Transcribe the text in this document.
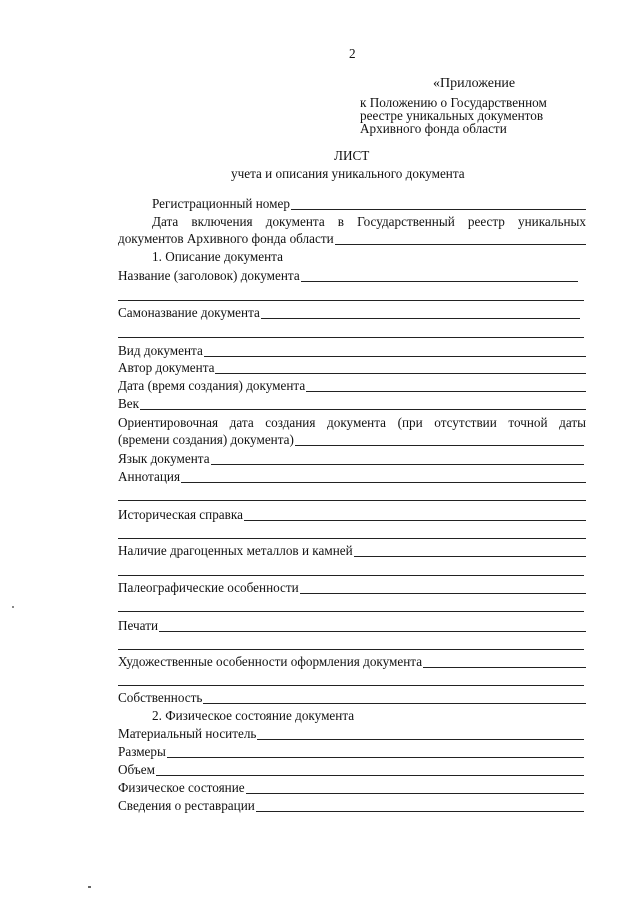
2
«Приложение
к Положению о Государственном
реестре уникальных документов
Архивного фонда области
ЛИСТ
учета и описания уникального документа
Регистрационный номер
Дата включения документа в Государственный реестр уникальных
документов Архивного фонда области
1. Описание документа
Название (заголовок) документа
Самоназвание документа
Вид документа
Автор документа
Дата (время создания) документа
Век
Ориентировочная дата создания документа (при отсутствии точной даты
(времени создания) документа)
Язык документа
Аннотация
Историческая справка
Наличие драгоценных металлов и камней
Палеографические особенности
Печати
Художественные особенности оформления документа
Собственность
2. Физическое состояние документа
Материальный носитель
Размеры
Объем
Физическое состояние
Сведения о реставрации
